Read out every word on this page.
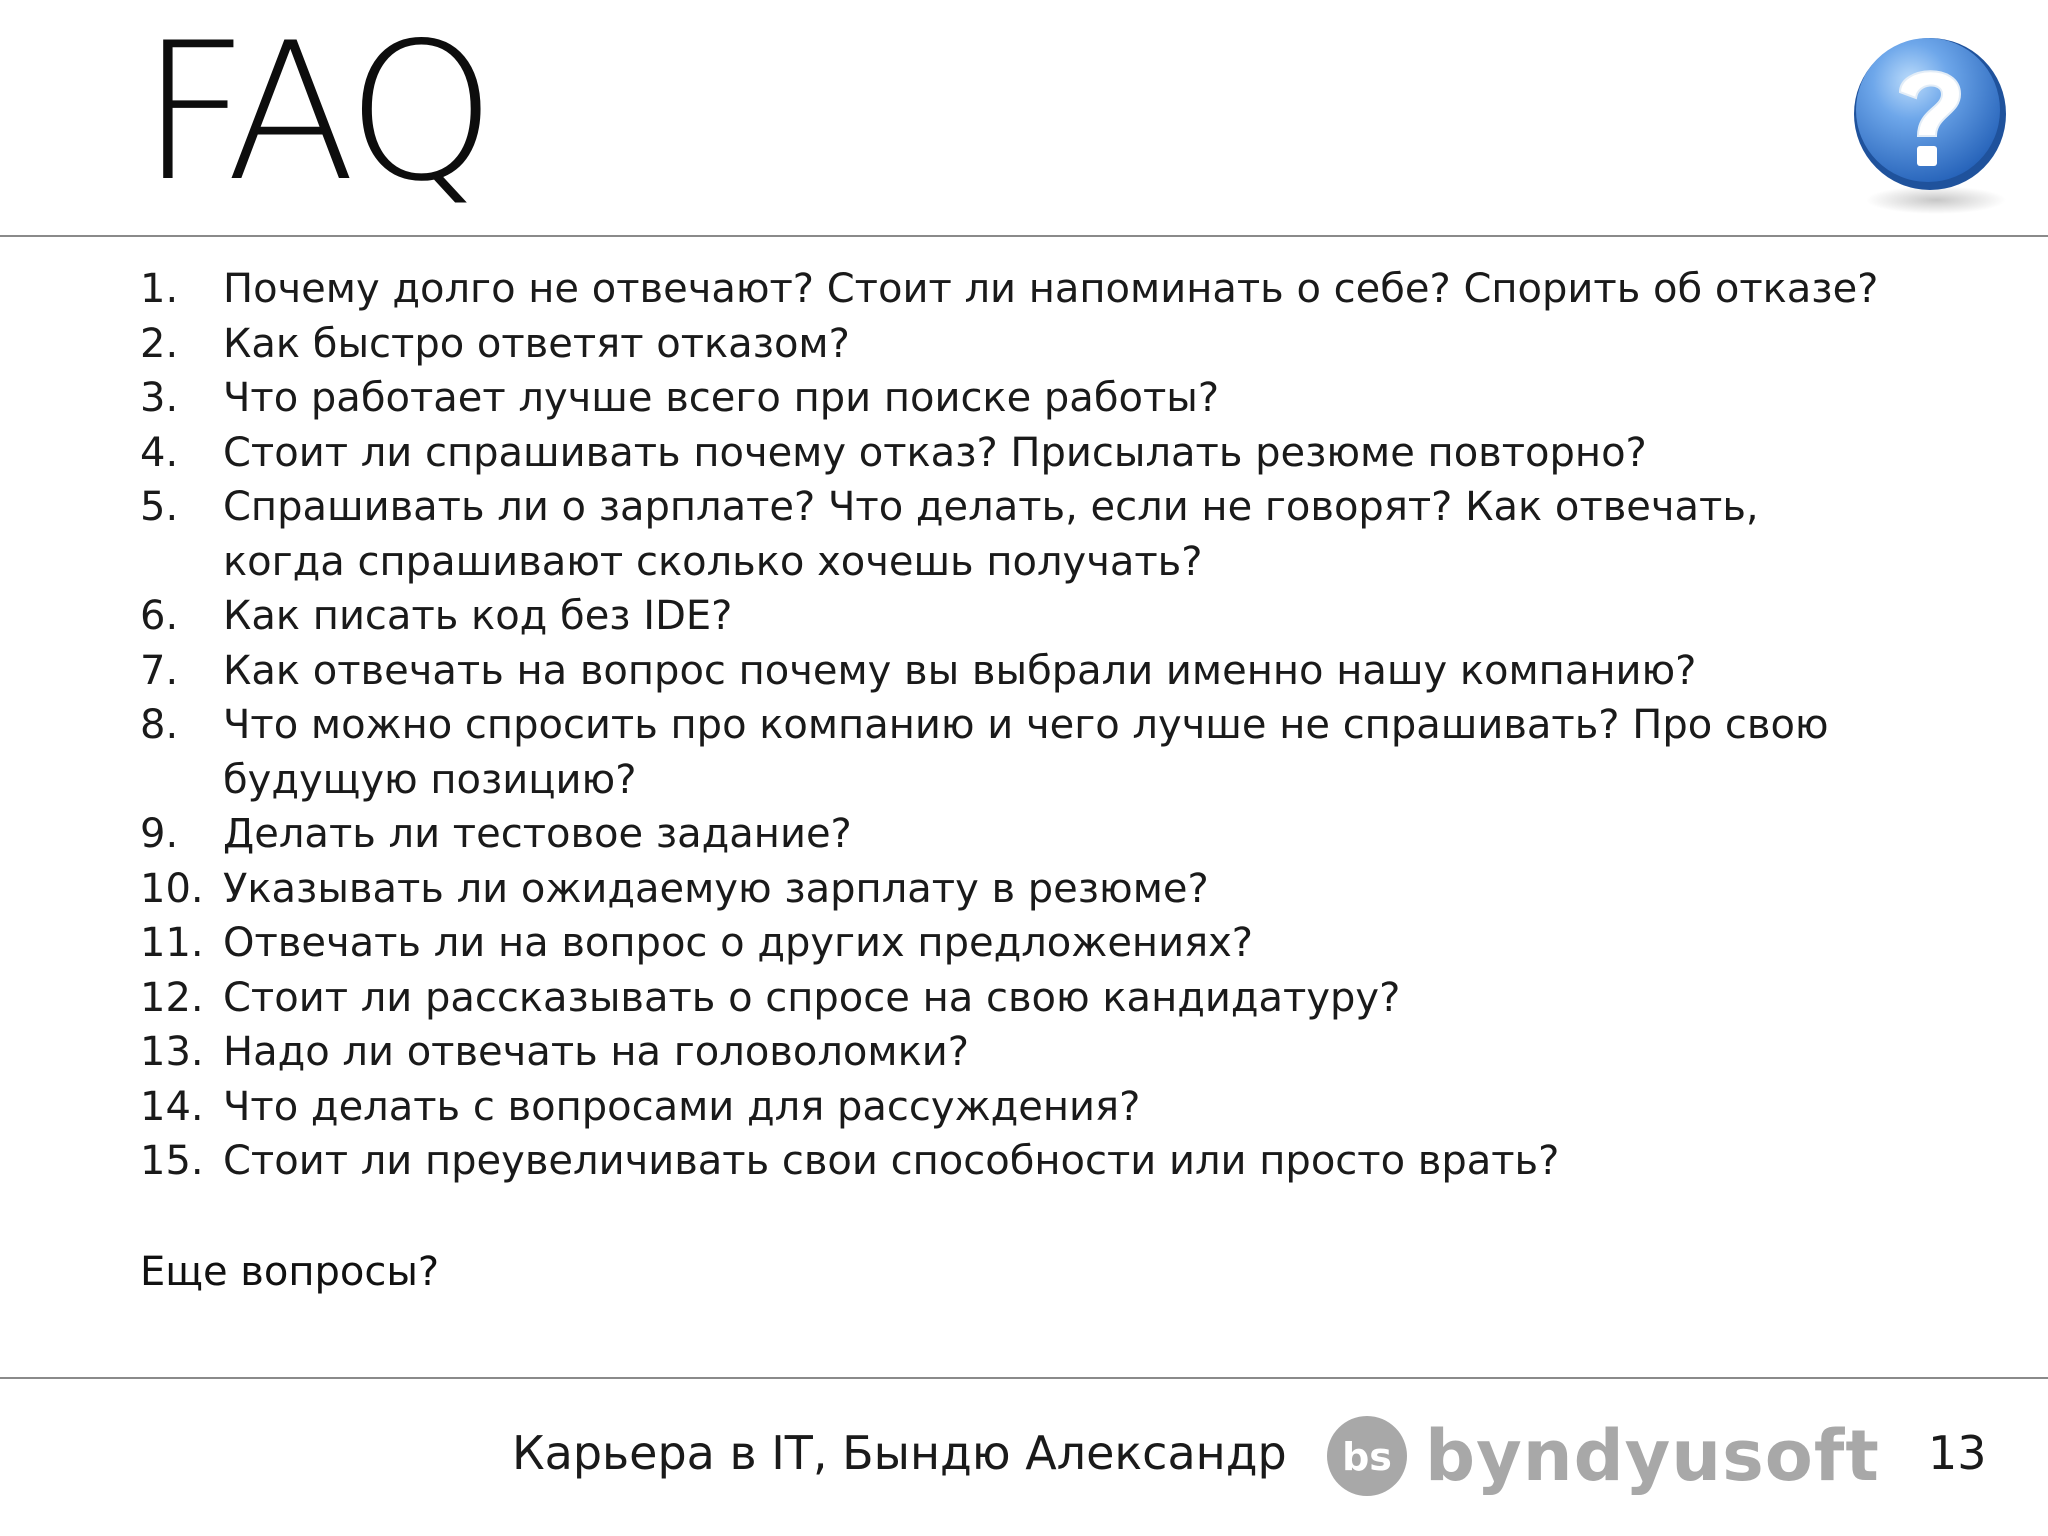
FAQ
1.	Почему долго не отвечают? Стоит ли напоминать о себе? Спорить об отказе?
2.	Как быстро ответят отказом?
3.	Что работает лучше всего при поиске работы?
4.	Стоит ли спрашивать почему отказ? Присылать резюме повторно?
5.	Спрашивать ли о зарплате? Что делать, если не говорят? Как отвечать, когда спрашивают сколько хочешь получать?
6.	Как писать код без IDE?
7.	Как отвечать на вопрос почему вы выбрали именно нашу компанию?
8.	Что можно спросить про компанию и чего лучше не спрашивать? Про свою будущую позицию?
9.	Делать ли тестовое задание?
10. Указывать ли ожидаемую зарплату в резюме?
11. Отвечать ли на вопрос о других предложениях?
12. Стоит ли рассказывать о спросе на свою кандидатуру?
13. Надо ли отвечать на головоломки?
14. Что делать с вопросами для рассуждения?
15. Стоит ли преувеличивать свои способности или просто врать?
Еще вопросы?
Карьера в IT, Бындю Александр bs byndyusoft 13
